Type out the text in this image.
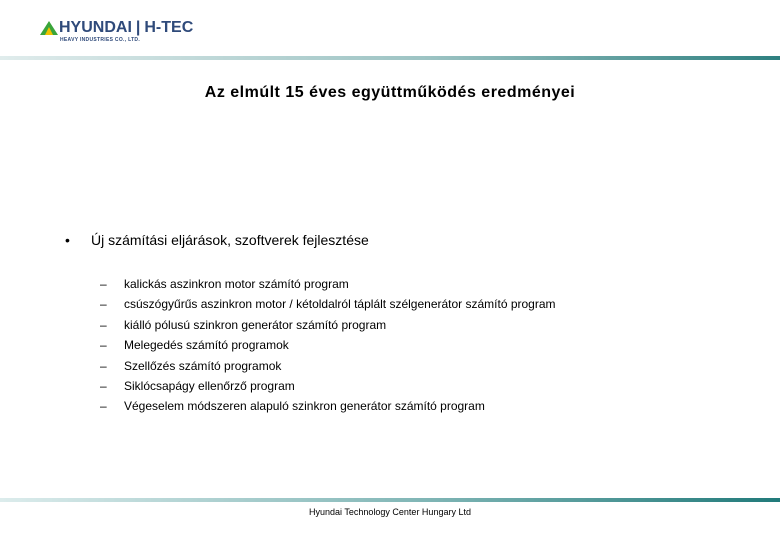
HYUNDAI | H-TEC
HEAVY INDUSTRIES CO., LTD.
Az elmúlt 15 éves együttműködés eredményei
• Új számítási eljárások, szoftverek fejlesztése
–	kalickás aszinkron motor számító program
–	csúszógyűrűs aszinkron motor / kétoldalról táplált szélgenerátor számító program
–	kiálló pólusú szinkron generátor számító program
–	Melegedés számító programok
–	Szellőzés számító programok
–	Siklócsapágy ellenőrző program
–	Végeselem módszeren alapuló szinkron generátor számító program
Hyundai Technology Center Hungary Ltd
